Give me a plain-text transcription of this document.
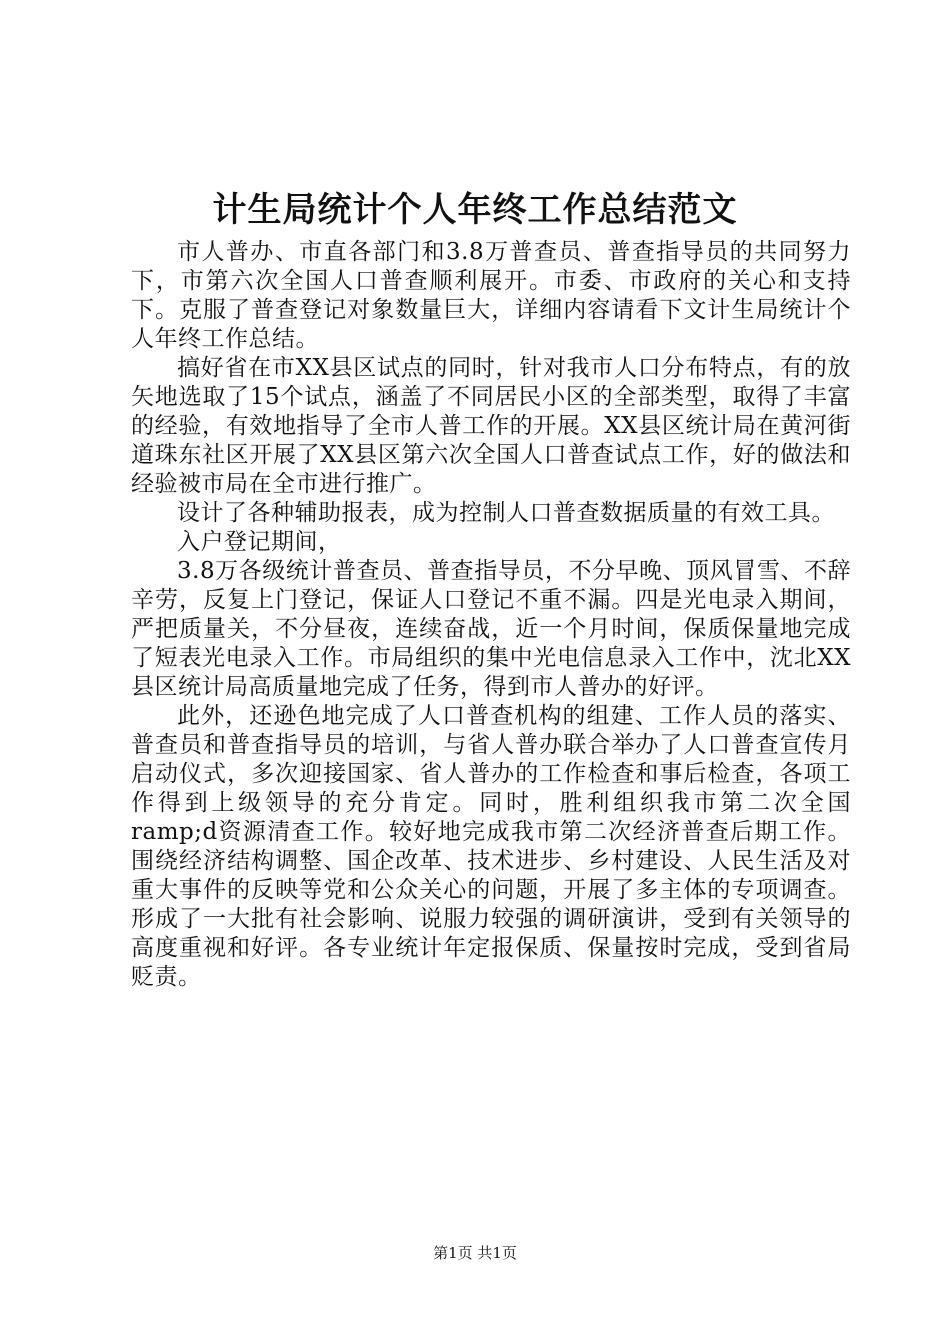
计生局统计个人年终工作总结范文

市人普办、市直各部门和3.8万普查员、普查指导员的共同努力下，市第六次全国人口普查顺利展开。市委、市政府的关心和支持下。克服了普查登记对象数量巨大，详细内容请看下文计生局统计个人年终工作总结。

搞好省在市XX县区试点的同时，针对我市人口分布特点，有的放矢地选取了15个试点，涵盖了不同居民小区的全部类型，取得了丰富的经验，有效地指导了全市人普工作的开展。XX县区统计局在黄河街道珠东社区开展了XX县区第六次全国人口普查试点工作，好的做法和经验被市局在全市进行推广。

设计了各种辅助报表，成为控制人口普查数据质量的有效工具。

入户登记期间，

3.8万各级统计普查员、普查指导员，不分早晚、顶风冒雪、不辞辛劳，反复上门登记，保证人口登记不重不漏。四是光电录入期间，严把质量关，不分昼夜，连续奋战，近一个月时间，保质保量地完成了短表光电录入工作。市局组织的集中光电信息录入工作中，沈北XX县区统计局高质量地完成了任务，得到市人普办的好评。

此外，还逊色地完成了人口普查机构的组建、工作人员的落实、普查员和普查指导员的培训，与省人普办联合举办了人口普查宣传月启动仪式，多次迎接国家、省人普办的工作检查和事后检查，各项工作得到上级领导的充分肯定。同时，胜利组织我市第二次全国ramp;d资源清查工作。较好地完成我市第二次经济普查后期工作。围绕经济结构调整、国企改革、技术进步、乡村建设、人民生活及对重大事件的反映等党和公众关心的问题，开展了多主体的专项调查。形成了一大批有社会影响、说服力较强的调研演讲，受到有关领导的高度重视和好评。各专业统计年定报保质、保量按时完成，受到省局贬责。

第1页 共1页
